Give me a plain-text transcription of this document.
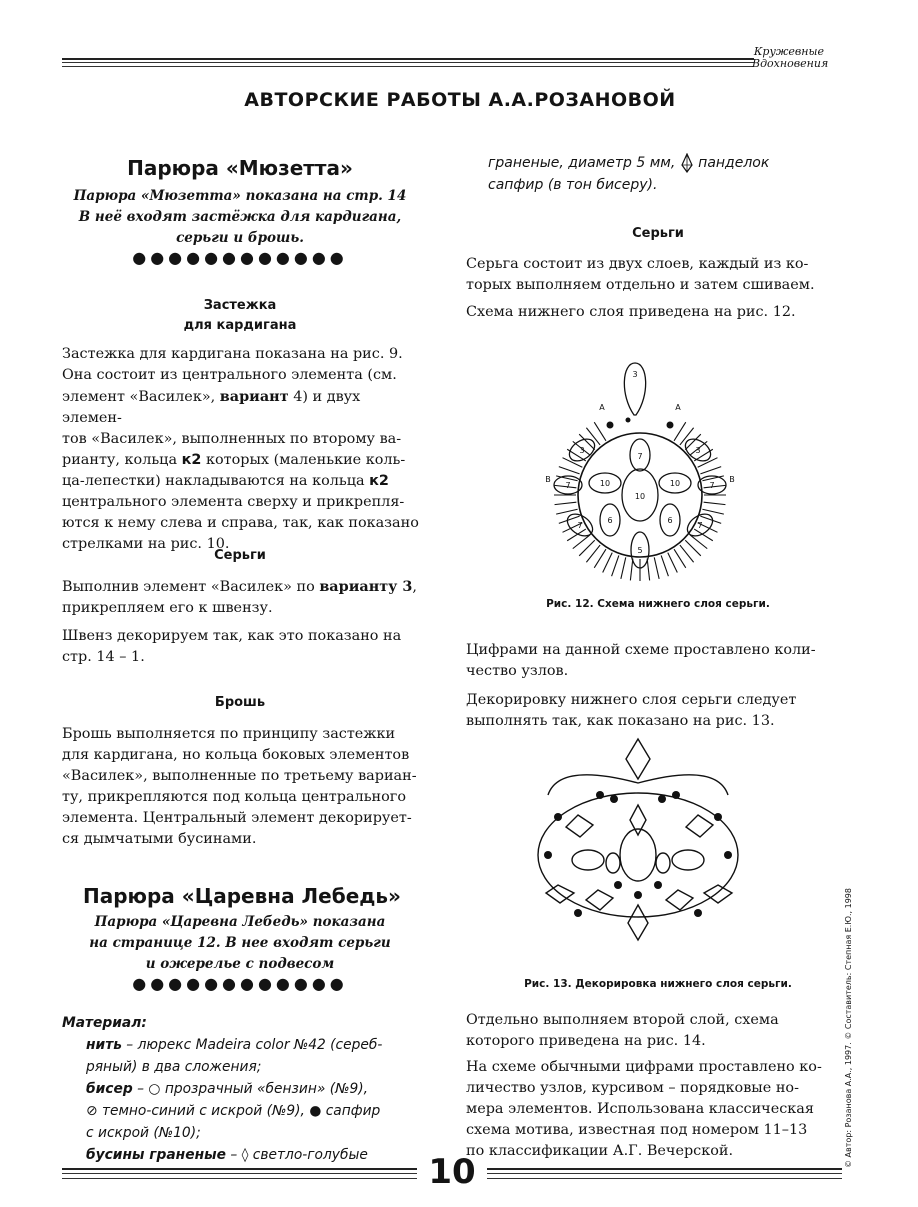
Кружевные
Вдохновения
АВТОРСКИЕ РАБОТЫ А.А.РОЗАНОВОЙ
Парюра «Мюзетта»
Парюра «Мюзетта» показана на стр. 14
В неё входят застёжка для кардигана,
серьги и брошь.
●●●●●●●●●●●●
Застежка
для кардигана

Застежка для кардигана показана на рис. 9.

Она состоит из центрального элемента (см.

элемент «Василек», вариант 4) и двух элемен-

тов «Василек», выполненных по второму ва-

рианту, кольца к2 которых (маленькие коль-

ца-лепестки) накладываются на кольца к2

центрального элемента сверху и прикрепля-

ются к нему слева и справа, так, как показано

стрелками на рис. 10.

Серьги

Выполнив элемент «Василек» по варианту 3,

прикрепляем его к швензу.

Швенз декорируем так, как это показано на

стр. 14 – 1.

Брошь

Брошь выполняется по принципу застежки

для кардигана, но кольца боковых элементов

«Василек», выполненные по третьему вариан-

ту, прикрепляются под кольца центрального

элемента. Центральный элемент декорирует-

ся дымчатыми бусинами.

Парюра «Царевна Лебедь»
Парюра «Царевна Лебедь» показана
на странице 12. В нее входят серьги
и ожерелье с подвесом
●●●●●●●●●●●●
Материал:
нить – люрекс Madeira color №42 (сереб-
ряный) в два сложения;
бисер – ○ прозрачный «бензин» (№9),
⊘ темно-синий с искрой (№9), ● сапфир
с искрой (№10);
бусины граненые – ◊ светло-голубые
граненые, диаметр 5 мм,  панделок
сапфир (в тон бисеру).
Серьги

Серьга состоит из двух слоев, каждый из ко-

торых выполняем отдельно и затем сшиваем.

Схема нижнего слоя приведена на рис. 12.
3
7
10
10	10
6	6
3	3
7	7
7	7
5
A	A
B	B
Рис. 12. Схема нижнего слоя серьги.

Цифрами на данной схеме проставлено коли-

чество узлов.

Декорировку нижнего слоя серьги следует

выполнять так, как показано на рис. 13.

Рис. 13. Декорировка нижнего слоя серьги.

Отдельно выполняем второй слой, схема

которого приведена на рис. 14.

На схеме обычными цифрами проставлено ко-

личество узлов, курсивом – порядковые но-

мера элементов. Использована классическая

схема мотива, известная под номером 11–13

по классификации А.Г. Вечерской.	© Автор: Розанова А.А., 1997. © Составитель: Степная Е.Ю., 1998
10
